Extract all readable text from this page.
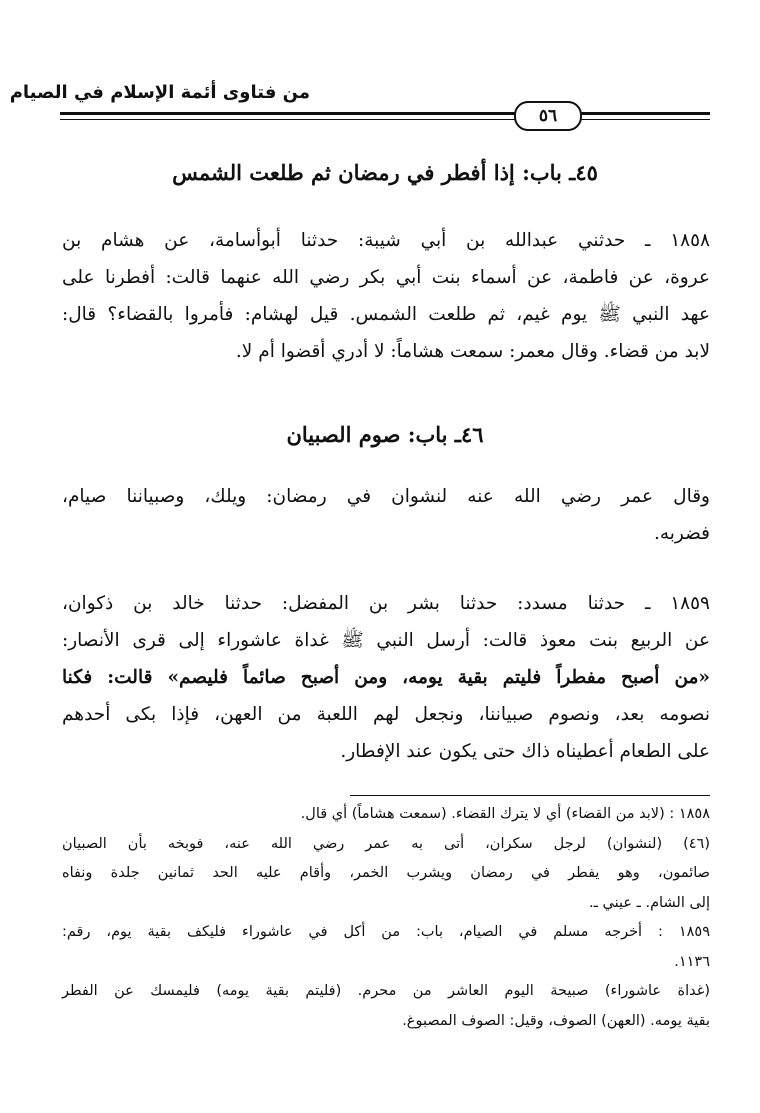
من فتاوى أئمة الإسلام في الصيام
٥٦
٤٥ـ باب: إذا أفطر في رمضان ثم طلعت الشمس
١٨٥٨ ـ حدثني عبدالله بن أبي شيبة: حدثنا أبوأسامة، عن هشام بن
عروة، عن فاطمة، عن أسماء بنت أبي بكر رضي الله عنهما قالت: أفطرنا على
عهد النبي ﷺ يوم غيم، ثم طلعت الشمس. قيل لهشام: فأمروا بالقضاء؟ قال:
لابد من قضاء. وقال معمر: سمعت هشاماً: لا أدري أقضوا أم لا.
٤٦ـ باب: صوم الصبيان
وقال عمر رضي الله عنه لنشوان في رمضان: ويلك، وصبياننا صيام،
فضربه.
١٨٥٩ ـ حدثنا مسدد: حدثنا بشر بن المفضل: حدثنا خالد بن ذكوان،
عن الربيع بنت معوذ قالت: أرسل النبي ﷺ غداة عاشوراء إلى قرى الأنصار:
«من أصبح مفطراً فليتم بقية يومه، ومن أصبح صائماً فليصم» قالت: فكنا
نصومه بعد، ونصوم صبياننا، ونجعل لهم اللعبة من العهن، فإذا بكى أحدهم
على الطعام أعطيناه ذاك حتى يكون عند الإفطار.
١٨٥٨ : (لابد من القضاء) أي لا يترك القضاء. (سمعت هشاماً) أي قال.
(٤٦) (لنشوان) لرجل سكران، أتى به عمر رضي الله عنه، فوبخه بأن الصبيان
صائمون، وهو يفطر في رمضان ويشرب الخمر، وأقام عليه الحد ثمانين جلدة ونفاه
إلى الشام. ـ عيني ـ.
١٨٥٩ : أخرجه مسلم في الصيام، باب: من أكل في عاشوراء فليكف بقية يوم، رقم:
١١٣٦.
(غداة عاشوراء) صبيحة اليوم العاشر من محرم. (فليتم بقية يومه) فليمسك عن الفطر
بقية يومه. (العهن) الصوف، وقيل: الصوف المصبوغ.
